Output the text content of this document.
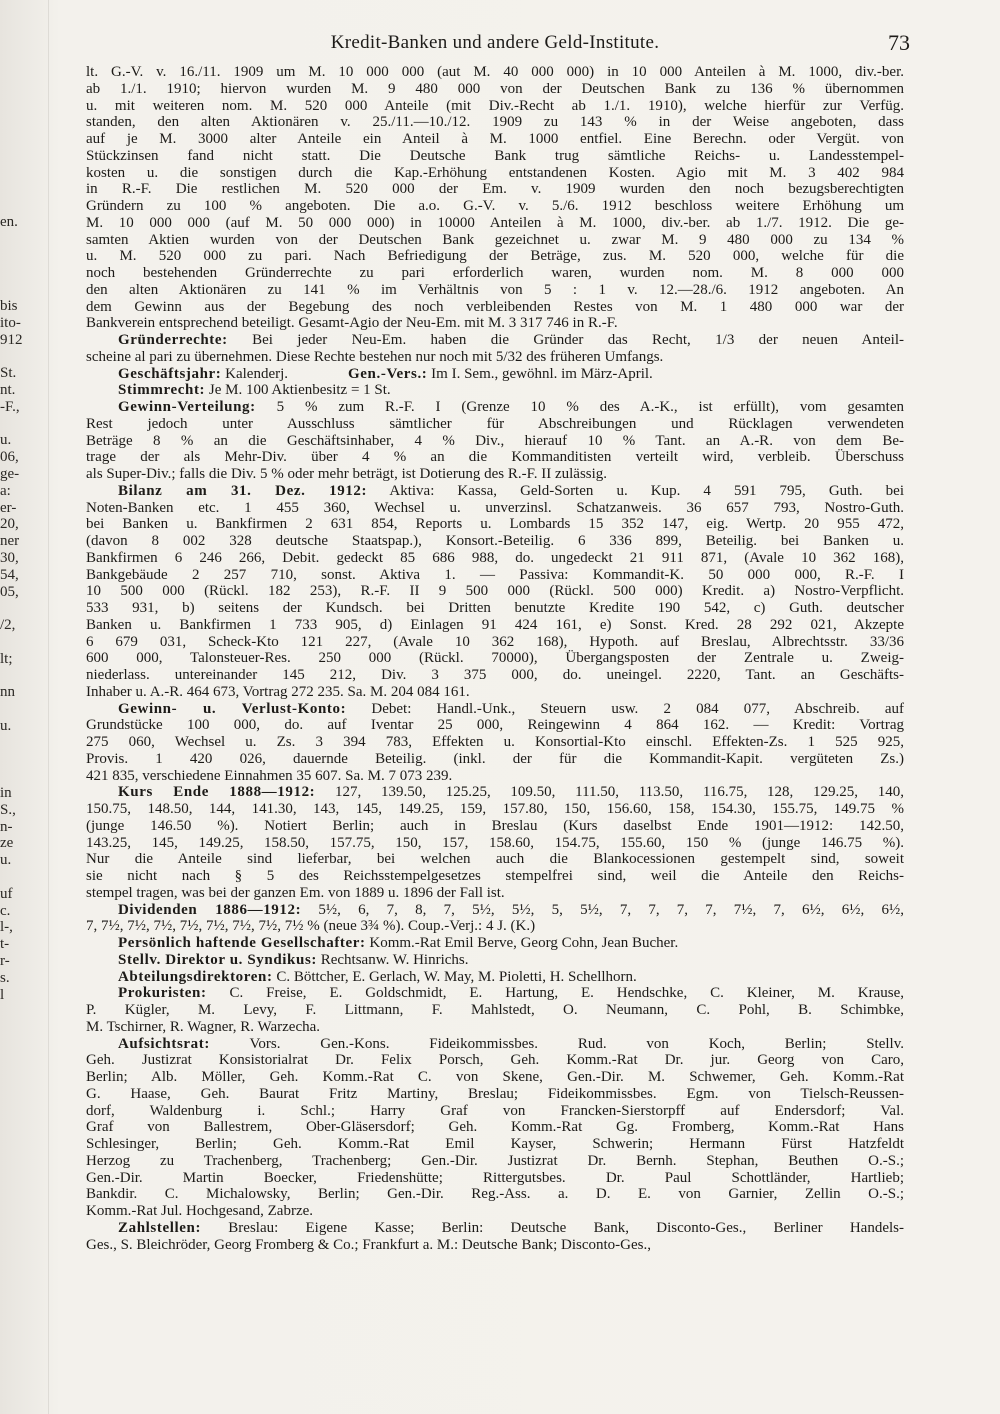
en.
bis
ito-
912
St.
nt.
-F.,
u.
06,
ge-
a:
er-
20,
ner
30,
54,
05,
/2,
lt;
nn
u.
in
S.,
n-
ze
u.
uf
c.
l-,
t-
r-
s.
l
Kredit-Banken und andere Geld-Institute.	73
lt. G.-V. v. 16./11. 1909 um M. 10 000 000 (aut M. 40 000 000) in 10 000 Anteilen à M. 1000, div.-ber.
ab 1./1. 1910; hiervon wurden M. 9 480 000 von der Deutschen Bank zu 136 % übernommen
u. mit weiteren nom. M. 520 000 Anteile (mit Div.-Recht ab 1./1. 1910), welche hierfür zur Verfüg.
standen, den alten Aktionären v. 25./11.—10./12. 1909 zu 143 % in der Weise angeboten, dass
auf je M. 3000 alter Anteile ein Anteil à M. 1000 entfiel. Eine Berechn. oder Vergüt. von
Stückzinsen fand nicht statt. Die Deutsche Bank trug sämtliche Reichs- u. Landesstempel-
kosten u. die sonstigen durch die Kap.-Erhöhung entstandenen Kosten. Agio mit M. 3 402 984
in R.-F. Die restlichen M. 520 000 der Em. v. 1909 wurden den noch bezugsberechtigten
Gründern zu 100 % angeboten. Die a.o. G.-V. v. 5./6. 1912 beschloss weitere Erhöhung um
M. 10 000 000 (auf M. 50 000 000) in 10000 Anteilen à M. 1000, div.-ber. ab 1./7. 1912. Die ge-
samten Aktien wurden von der Deutschen Bank gezeichnet u. zwar M. 9 480 000 zu 134 %
u. M. 520 000 zu pari. Nach Befriedigung der Beträge, zus. M. 520 000, welche für die
noch bestehenden Gründerrechte zu pari erforderlich waren, wurden nom. M. 8 000 000
den alten Aktionären zu 141 % im Verhältnis von 5 : 1 v. 12.—28./6. 1912 angeboten. An
dem Gewinn aus der Begebung des noch verbleibenden Restes von M. 1 480 000 war der
Bankverein entsprechend beteiligt. Gesamt-Agio der Neu-Em. mit M. 3 317 746 in R.-F.
Gründerrechte: Bei jeder Neu-Em. haben die Gründer das Recht, 1/3 der neuen Anteil-
scheine al pari zu übernehmen. Diese Rechte bestehen nur noch mit 5/32 des früheren Umfangs.
Geschäftsjahr: Kalenderj.	Gen.-Vers.: Im I. Sem., gewöhnl. im März-April.
Stimmrecht: Je M. 100 Aktienbesitz = 1 St.
Gewinn-Verteilung: 5 % zum R.-F. I (Grenze 10 % des A.-K., ist erfüllt), vom gesamten
Rest jedoch unter Ausschluss sämtlicher für Abschreibungen und Rücklagen verwendeten
Beträge 8 % an die Geschäftsinhaber, 4 % Div., hierauf 10 % Tant. an A.-R. von dem Be-
trage der als Mehr-Div. über 4 % an die Kommanditisten verteilt wird, verbleib. Überschuss
als Super-Div.; falls die Div. 5 % oder mehr beträgt, ist Dotierung des R.-F. II zulässig.
Bilanz am 31. Dez. 1912: Aktiva: Kassa, Geld-Sorten u. Kup. 4 591 795, Guth. bei
Noten-Banken etc. 1 455 360, Wechsel u. unverzinsl. Schatzanweis. 36 657 793, Nostro-Guth.
bei Banken u. Bankfirmen 2 631 854, Reports u. Lombards 15 352 147, eig. Wertp. 20 955 472,
(davon 8 002 328 deutsche Staatspap.), Konsort.-Beteilig. 6 336 899, Beteilig. bei Banken u.
Bankfirmen 6 246 266, Debit. gedeckt 85 686 988, do. ungedeckt 21 911 871, (Avale 10 362 168),
Bankgebäude 2 257 710, sonst. Aktiva 1. — Passiva: Kommandit-K. 50 000 000, R.-F. I
10 500 000 (Rückl. 182 253), R.-F. II 9 500 000 (Rückl. 500 000) Kredit. a) Nostro-Verpflicht.
533 931, b) seitens der Kundsch. bei Dritten benutzte Kredite 190 542, c) Guth. deutscher
Banken u. Bankfirmen 1 733 905, d) Einlagen 91 424 161, e) Sonst. Kred. 28 292 021, Akzepte
6 679 031, Scheck-Kto 121 227, (Avale 10 362 168), Hypoth. auf Breslau, Albrechtsstr. 33/36
600 000, Talonsteuer-Res. 250 000 (Rückl. 70000), Übergangsposten der Zentrale u. Zweig-
niederlass. untereinander 145 212, Div. 3 375 000, do. uneingel. 2220, Tant. an Geschäfts-
Inhaber u. A.-R. 464 673, Vortrag 272 235. Sa. M. 204 084 161.
Gewinn- u. Verlust-Konto: Debet: Handl.-Unk., Steuern usw. 2 084 077, Abschreib. auf
Grundstücke 100 000, do. auf Iventar 25 000, Reingewinn 4 864 162. — Kredit: Vortrag
275 060, Wechsel u. Zs. 3 394 783, Effekten u. Konsortial-Kto einschl. Effekten-Zs. 1 525 925,
Provis. 1 420 026, dauernde Beteilig. (inkl. der für die Kommandit-Kapit. vergüteten Zs.)
421 835, verschiedene Einnahmen 35 607. Sa. M. 7 073 239.
Kurs Ende 1888—1912: 127, 139.50, 125.25, 109.50, 111.50, 113.50, 116.75, 128, 129.25, 140,
150.75, 148.50, 144, 141.30, 143, 145, 149.25, 159, 157.80, 150, 156.60, 158, 154.30, 155.75, 149.75 %
(junge 146.50 %). Notiert Berlin; auch in Breslau (Kurs daselbst Ende 1901—1912: 142.50,
143.25, 145, 149.25, 158.50, 157.75, 150, 157, 158.60, 154.75, 155.60, 150 % (junge 146.75 %).
Nur die Anteile sind lieferbar, bei welchen auch die Blankocessionen gestempelt sind, soweit
sie nicht nach § 5 des Reichsstempelgesetzes stempelfrei sind, weil die Anteile den Reichs-
stempel tragen, was bei der ganzen Em. von 1889 u. 1896 der Fall ist.
Dividenden 1886—1912: 5½, 6, 7, 8, 7, 5½, 5½, 5, 5½, 7, 7, 7, 7, 7½, 7, 6½, 6½, 6½,
7, 7½, 7½, 7½, 7½, 7½, 7½, 7½, 7½ % (neue 3¾ %). Coup.-Verj.: 4 J. (K.)
Persönlich haftende Gesellschafter: Komm.-Rat Emil Berve, Georg Cohn, Jean Bucher.
Stellv. Direktor u. Syndikus: Rechtsanw. W. Hinrichs.
Abteilungsdirektoren: C. Böttcher, E. Gerlach, W. May, M. Pioletti, H. Schellhorn.
Prokuristen: C. Freise, E. Goldschmidt, E. Hartung, E. Hendschke, C. Kleiner, M. Krause,
P. Kügler, M. Levy, F. Littmann, F. Mahlstedt, O. Neumann, C. Pohl, B. Schimbke,
M. Tschirner, R. Wagner, R. Warzecha.
Aufsichtsrat: Vors. Gen.-Kons. Fideikommissbes. Rud. von Koch, Berlin; Stellv.
Geh. Justizrat Konsistorialrat Dr. Felix Porsch, Geh. Komm.-Rat Dr. jur. Georg von Caro,
Berlin; Alb. Möller, Geh. Komm.-Rat C. von Skene, Gen.-Dir. M. Schwemer, Geh. Komm.-Rat
G. Haase, Geh. Baurat Fritz Martiny, Breslau; Fideikommissbes. Egm. von Tielsch-Reussen-
dorf, Waldenburg i. Schl.; Harry Graf von Francken-Sierstorpff auf Endersdorf; Val.
Graf von Ballestrem, Ober-Gläsersdorf; Geh. Komm.-Rat Gg. Fromberg, Komm.-Rat Hans
Schlesinger, Berlin; Geh. Komm.-Rat Emil Kayser, Schwerin; Hermann Fürst Hatzfeldt
Herzog zu Trachenberg, Trachenberg; Gen.-Dir. Justizrat Dr. Bernh. Stephan, Beuthen O.-S.;
Gen.-Dir. Martin Boecker, Friedenshütte; Rittergutsbes. Dr. Paul Schottländer, Hartlieb;
Bankdir. C. Michalowsky, Berlin; Gen.-Dir. Reg.-Ass. a. D. E. von Garnier, Zellin O.-S.;
Komm.-Rat Jul. Hochgesand, Zabrze.
Zahlstellen: Breslau: Eigene Kasse; Berlin: Deutsche Bank, Disconto-Ges., Berliner Handels-
Ges., S. Bleichröder, Georg Fromberg & Co.; Frankfurt a. M.: Deutsche Bank; Disconto-Ges.,
